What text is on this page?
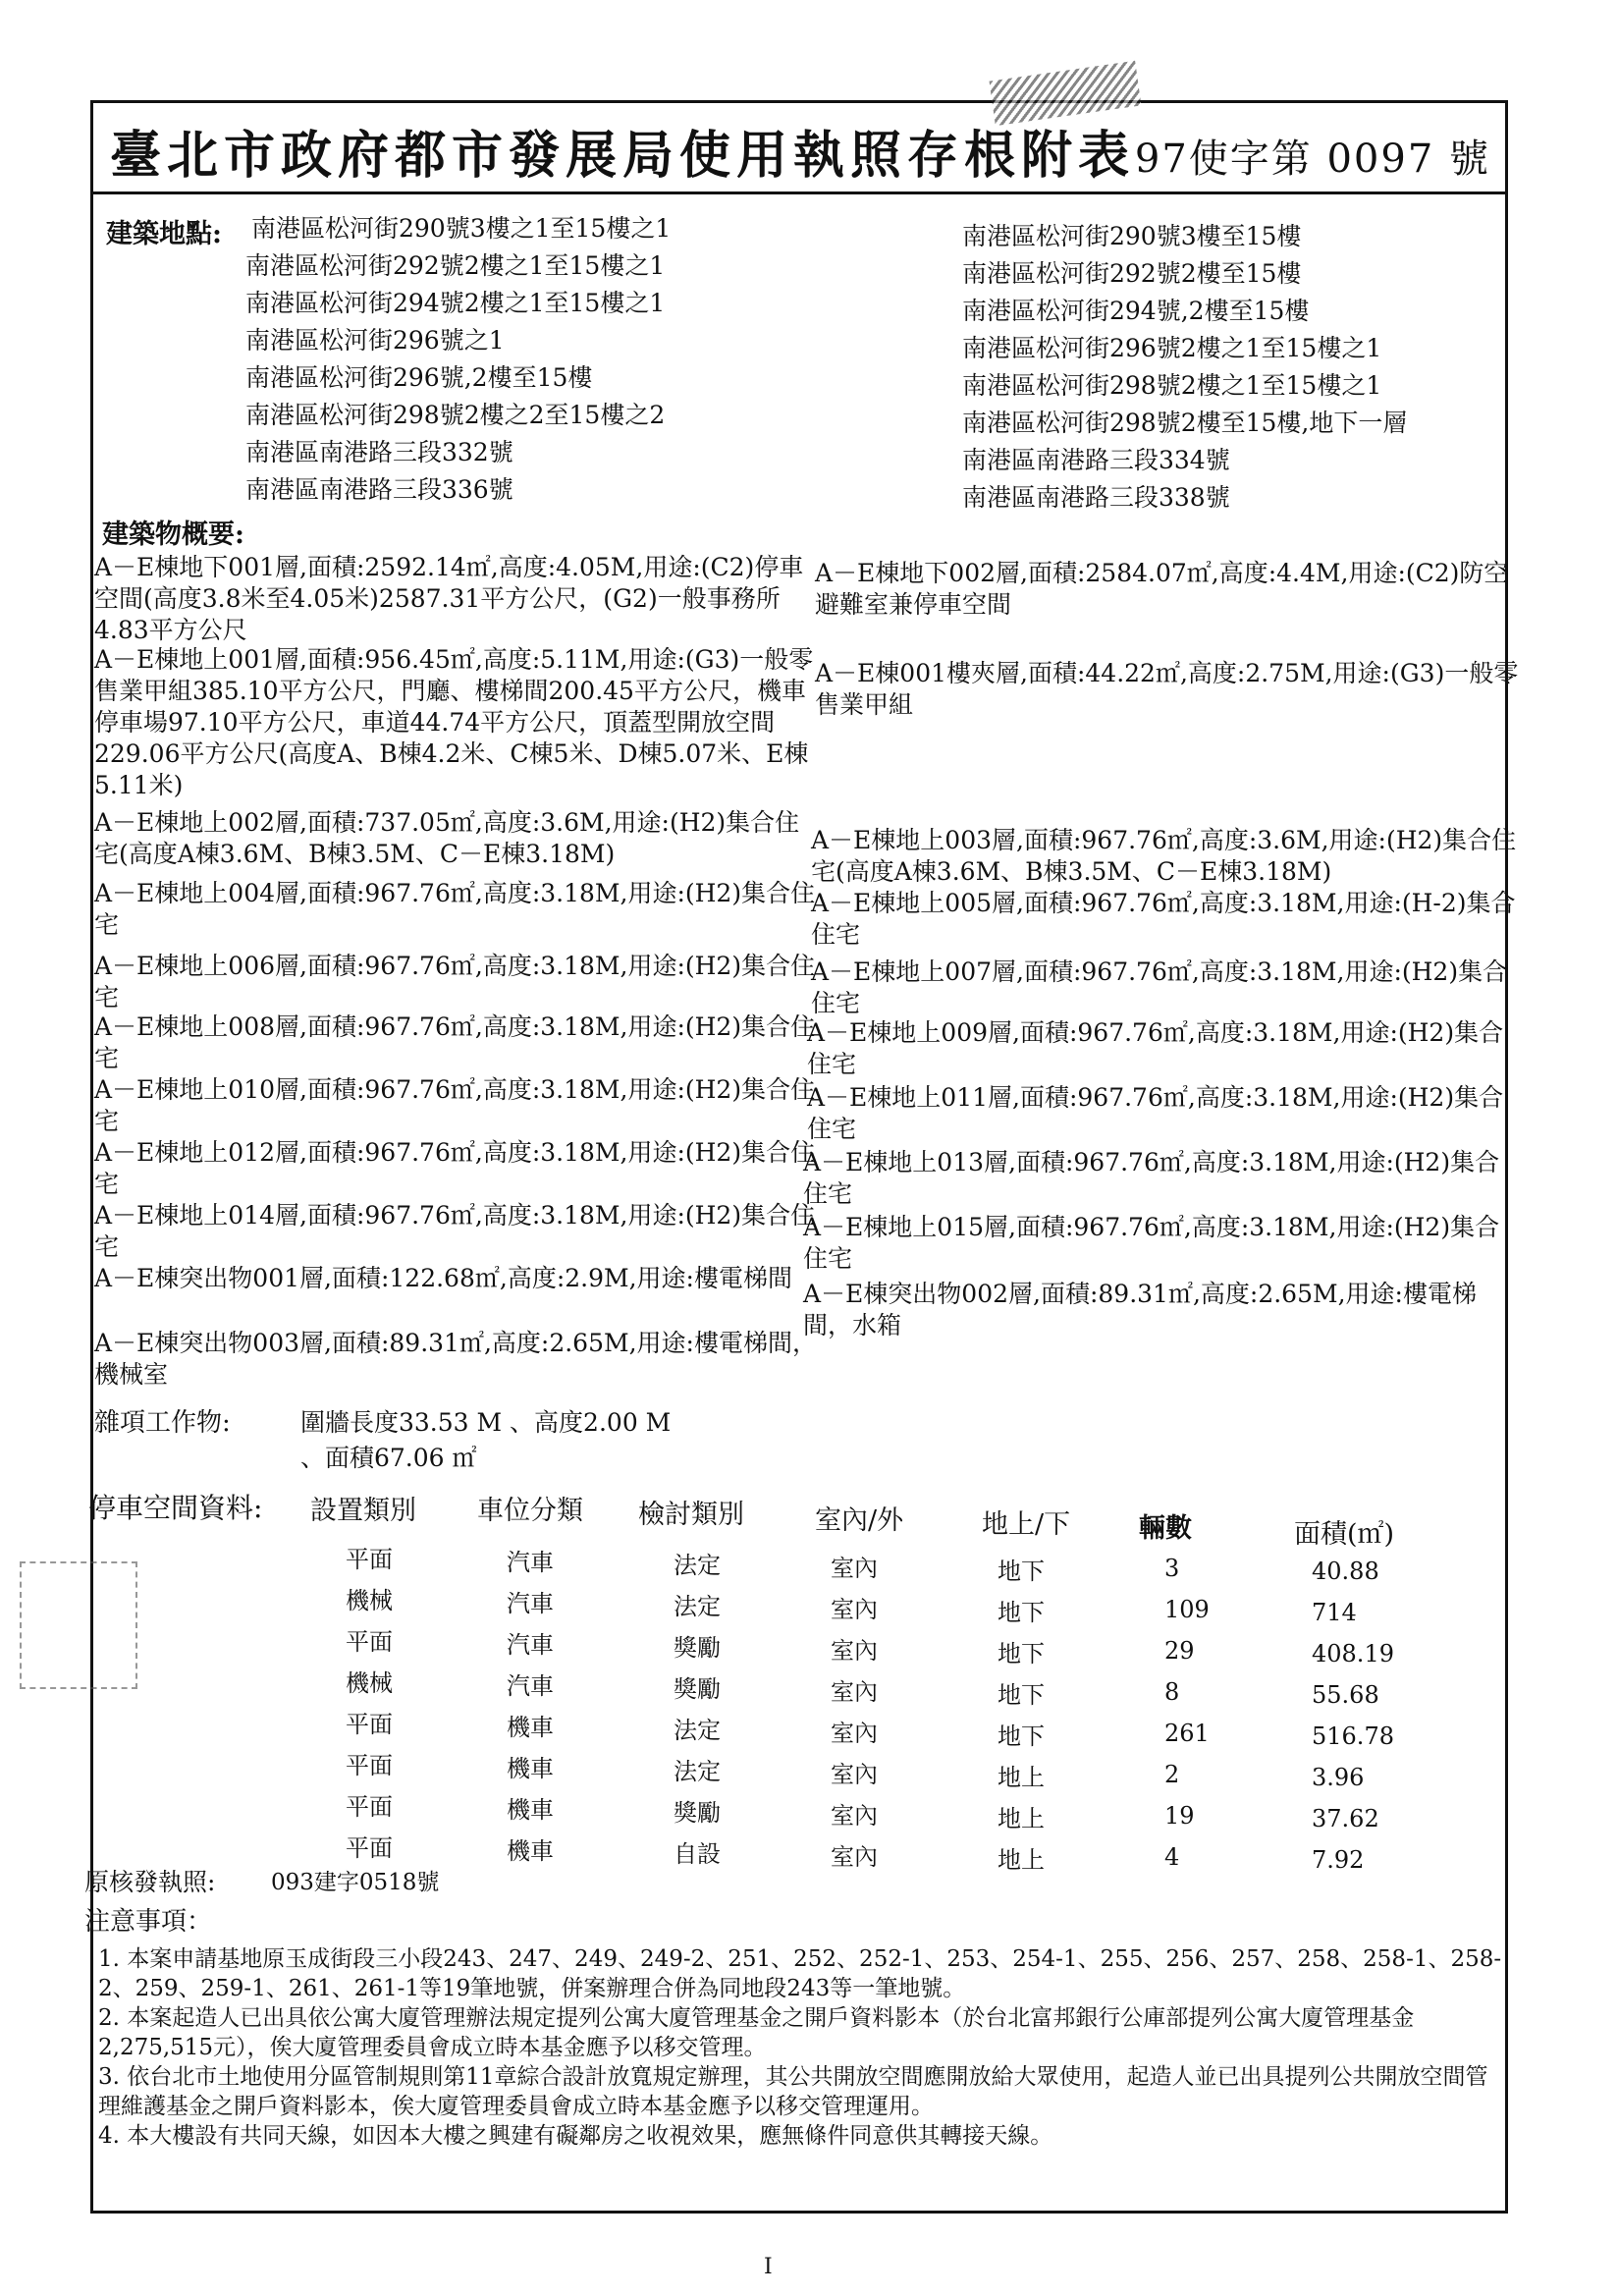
臺北市政府都市發展局使用執照存根附表 97使字第 0097 號
建築地點: 南港區松河街290號3樓之1至15樓之1
南港區松河街292號2樓之1至15樓之1
南港區松河街294號2樓之1至15樓之1
南港區松河街296號之1
南港區松河街296號,2樓至15樓
南港區松河街298號2樓之2至15樓之2
南港區南港路三段332號
南港區南港路三段336號
南港區松河街290號3樓至15樓
南港區松河街292號2樓至15樓
南港區松河街294號,2樓至15樓
南港區松河街296號2樓之1至15樓之1
南港區松河街298號2樓之1至15樓之1
南港區松河街298號2樓至15樓,地下一層
南港區南港路三段334號
南港區南港路三段338號
建築物概要:
A－E棟地下001層,面積:2592.14㎡,高度:4.05M,用途:(C2)停車空間(高度3.8米至4.05米)2587.31平方公尺，(G2)一般事務所4.83平方公尺
A－E棟地上001層,面積:956.45㎡,高度:5.11M,用途:(G3)一般零售業甲組385.10平方公尺，門廳、樓梯間200.45平方公尺，機車停車場97.10平方公尺，車道44.74平方公尺，頂蓋型開放空間229.06平方公尺(高度A、B棟4.2米、C棟5米、D棟5.07米、E棟5.11米)
A－E棟地上002層,面積:737.05㎡,高度:3.6M,用途:(H2)集合住宅(高度A棟3.6M、B棟3.5M、C－E棟3.18M)
A－E棟地上004層,面積:967.76㎡,高度:3.18M,用途:(H2)集合住宅
A－E棟地上006層,面積:967.76㎡,高度:3.18M,用途:(H2)集合住宅
A－E棟地上008層,面積:967.76㎡,高度:3.18M,用途:(H2)集合住宅
A－E棟地上010層,面積:967.76㎡,高度:3.18M,用途:(H2)集合住宅
A－E棟地上012層,面積:967.76㎡,高度:3.18M,用途:(H2)集合住宅
A－E棟地上014層,面積:967.76㎡,高度:3.18M,用途:(H2)集合住宅
A－E棟突出物001層,面積:122.68㎡,高度:2.9M,用途:樓電梯間
A－E棟突出物003層,面積:89.31㎡,高度:2.65M,用途:樓電梯間，機械室
A－E棟地下002層,面積:2584.07㎡,高度:4.4M,用途:(C2)防空避難室兼停車空間
A－E棟001樓夾層,面積:44.22㎡,高度:2.75M,用途:(G3)一般零售業甲組
A－E棟地上003層,面積:967.76㎡,高度:3.6M,用途:(H2)集合住宅(高度A棟3.6M、B棟3.5M、C－E棟3.18M)
A－E棟地上005層,面積:967.76㎡,高度:3.18M,用途:(H-2)集合住宅
A－E棟地上007層,面積:967.76㎡,高度:3.18M,用途:(H2)集合住宅
A－E棟地上009層,面積:967.76㎡,高度:3.18M,用途:(H2)集合住宅
A－E棟地上011層,面積:967.76㎡,高度:3.18M,用途:(H2)集合住宅
A－E棟地上013層,面積:967.76㎡,高度:3.18M,用途:(H2)集合住宅
A－E棟地上015層,面積:967.76㎡,高度:3.18M,用途:(H2)集合住宅
A－E棟突出物002層,面積:89.31㎡,高度:2.65M,用途:樓電梯間，水箱
雜項工作物:	圍牆長度33.53 M 、高度2.00 M
、面積67.06 ㎡
停車空間資料: 設置類別 車位分類 檢討類別	室內/外	地上/下	輛數	面積(㎡)
平面	汽車	法定	室內	地下	3	40.88
機械	汽車	法定	室內	地下	109	714
平面	汽車	獎勵	室內	地下	29	408.19
機械	汽車	獎勵	室內	地下	8	55.68
平面	機車	法定	室內	地下	261	516.78
平面	機車	法定	室內	地上	2	3.96
平面	機車	獎勵	室內	地上	19	37.62
平面	機車	自設	室內	地上	4	7.92
原核發執照: 093建字0518號
注意事項：
1. 本案申請基地原玉成街段三小段243、247、249、249-2、251、252、252-1、253、254-1、255、256、257、258、258-1、258-2、259、259-1、261、261-1等19筆地號，併案辦理合併為同地段243等一筆地號。
2. 本案起造人已出具依公寓大廈管理辦法規定提列公寓大廈管理基金之開戶資料影本（於台北富邦銀行公庫部提列公寓大廈管理基金2,275,515元），俟大廈管理委員會成立時本基金應予以移交管理。
3. 依台北市土地使用分區管制規則第11章綜合設計放寬規定辦理，其公共開放空間應開放給大眾使用，起造人並已出具提列公共開放空間管理維護基金之開戶資料影本，俟大廈管理委員會成立時本基金應予以移交管理運用。
4. 本大樓設有共同天線，如因本大樓之興建有礙鄰房之收視效果，應無條件同意供其轉接天線。
I
